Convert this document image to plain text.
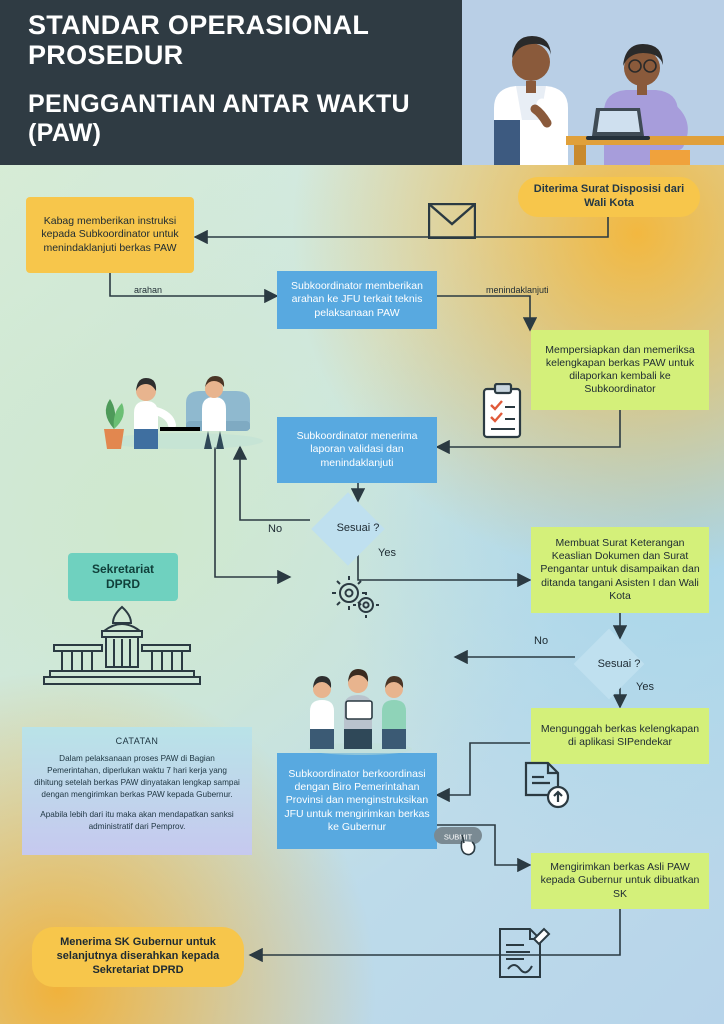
STANDAR OPERASIONAL PROSEDUR
PENGGANTIAN ANTAR WAKTU (PAW)
Diterima Surat Disposisi dari Wali Kota
Kabag memberikan instruksi kepada Subkoordinator untuk menindaklanjuti berkas PAW
Subkoordinator memberikan arahan ke JFU terkait teknis pelaksanaan PAW
Mempersiapkan dan memeriksa kelengkapan berkas PAW untuk dilaporkan kembali ke Subkoordinator
Subkoordinator menerima laporan validasi dan menindaklanjuti
Sesuai ?
Sekretariat DPRD
Membuat Surat Keterangan Keaslian Dokumen dan Surat Pengantar untuk disampaikan dan ditanda tangani Asisten I dan Wali Kota
Sesuai ?
Mengunggah berkas kelengkapan di aplikasi SIPendekar
Subkoordinator berkoordinasi dengan Biro Pemerintahan Provinsi dan menginstruksikan JFU untuk mengirimkan berkas ke Gubernur
Mengirimkan berkas Asli PAW kepada Gubernur untuk dibuatkan SK
Menerima SK Gubernur untuk selanjutnya diserahkan kepada Sekretariat DPRD
arahan	menindaklanjuti
No
Yes
No
Yes
CATATAN
Dalam pelaksanaan proses PAW di Bagian Pemerintahan, diperlukan waktu 7 hari kerja yang dihitung setelah berkas PAW dinyatakan lengkap sampai dengan mengirimkan berkas PAW kepada Gubernur.
Apabila lebih dari itu maka akan mendapatkan sanksi administratif dari Pemprov.
SUBMIT
